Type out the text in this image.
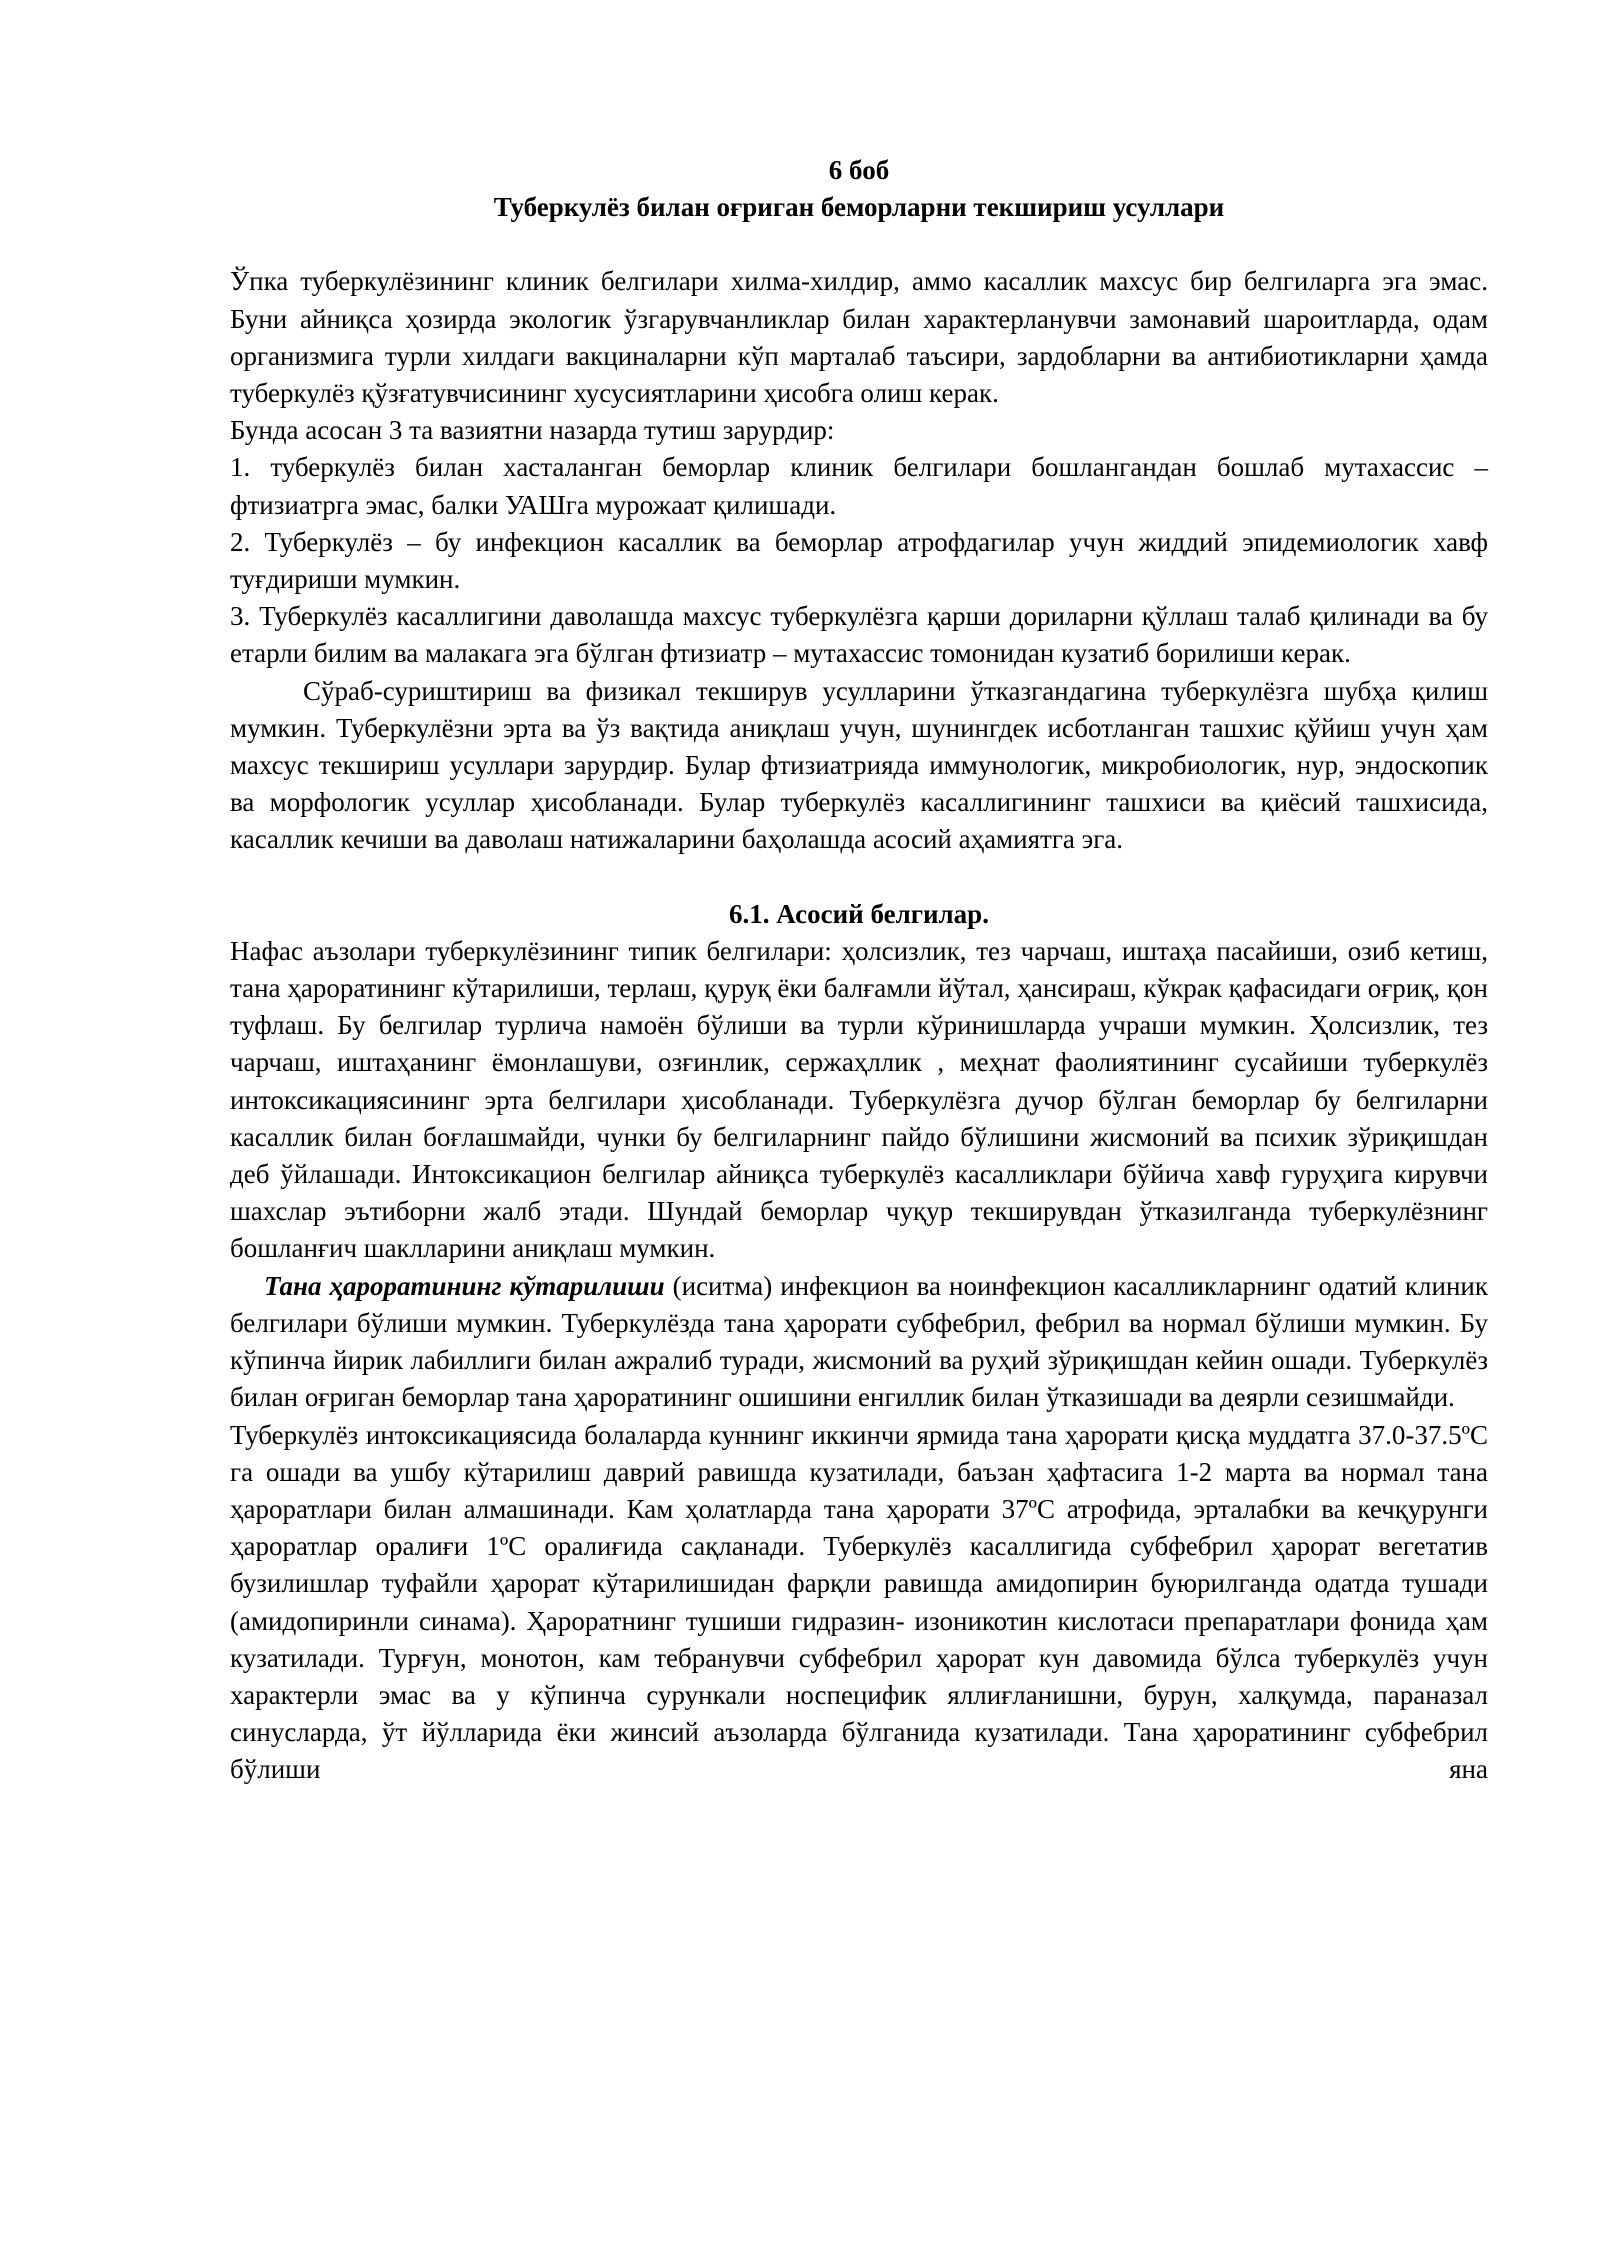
6 боб
Туберкулёз билан оғриган беморларни текшириш усуллари

Ўпка туберкулёзининг клиник белгилари хилма-хилдир, аммо касаллик махсус бир белгиларга эга эмас. Буни айниқса ҳозирда экологик ўзгарувчанликлар билан характерланувчи замонавий шароитларда, одам организмига турли хилдаги вакциналарни кўп марталаб таъсири, зардобларни ва антибиотикларни ҳамда туберкулёз қўзғатувчисининг хусусиятларини ҳисобга олиш керак.

Бунда асосан 3 та вазиятни назарда тутиш зарурдир:

1. туберкулёз билан хасталанган беморлар клиник белгилари бошлангандан бошлаб мутахассис – фтизиатрга эмас, балки УАШга мурожаат қилишади.

2. Туберкулёз – бу инфекцион касаллик ва беморлар атрофдагилар учун жиддий эпидемиологик хавф туғдириши мумкин.

3. Туберкулёз касаллигини даволашда махсус туберкулёзга қарши дориларни қўллаш талаб қилинади ва бу етарли билим ва малакага эга бўлган фтизиатр – мутахассис томонидан кузатиб борилиши керак.

Сўраб-суриштириш ва физикал текширув усулларини ўтказгандагина туберкулёзга шубҳа қилиш мумкин. Туберкулёзни эрта ва ўз вақтида аниқлаш учун, шунингдек исботланган ташхис қўйиш учун ҳам махсус текшириш усуллари зарурдир. Булар фтизиатрияда иммунологик, микробиологик, нур, эндоскопик ва морфологик усуллар ҳисобланади. Булар туберкулёз касаллигининг ташхиси ва қиёсий ташхисида, касаллик кечиши ва даволаш натижаларини баҳолашда асосий аҳамиятга эга.

6.1. Асосий белгилар.

Нафас аъзолари туберкулёзининг типик белгилари: ҳолсизлик, тез чарчаш, иштаҳа пасайиши, озиб кетиш, тана ҳароратининг кўтарилиши, терлаш, қуруқ ёки балғамли йўтал, ҳансираш, кўкрак қафасидаги оғриқ, қон туфлаш. Бу белгилар турлича намоён бўлиши ва турли кўринишларда учраши мумкин. Ҳолсизлик, тез чарчаш, иштаҳанинг ёмонлашуви, озғинлик, сержаҳллик , меҳнат фаолиятининг сусайиши туберкулёз интоксикациясининг эрта белгилари ҳисобланади. Туберкулёзга дучор бўлган беморлар бу белгиларни касаллик билан боғлашмайди, чунки бу белгиларнинг пайдо бўлишини жисмоний ва психик зўриқишдан деб ўйлашади. Интоксикацион белгилар айниқса туберкулёз касалликлари бўйича хавф гуруҳига кирувчи шахслар эътиборни жалб этади. Шундай беморлар чуқур текширувдан ўтказилганда туберкулёзнинг бошланғич шаклларини аниқлаш мумкин.

Тана ҳароратининг кўтарилиши (иситма) инфекцион ва ноинфекцион касалликларнинг одатий клиник белгилари бўлиши мумкин. Туберкулёзда тана ҳарорати субфебрил, фебрил ва нормал бўлиши мумкин. Бу кўпинча йирик лабиллиги билан ажралиб туради, жисмоний ва руҳий зўриқишдан кейин ошади. Туберкулёз билан оғриган беморлар тана ҳароратининг ошишини енгиллик билан ўтказишади ва деярли сезишмайди.

Туберкулёз интоксикациясида болаларда куннинг иккинчи ярмида тана ҳарорати қисқа муддатга 37.0-37.5ºС га ошади ва ушбу кўтарилиш даврий равишда кузатилади, баъзан ҳафтасига 1-2 марта ва нормал тана ҳароратлари билан алмашинади. Кам ҳолатларда тана ҳарорати 37ºС атрофида, эрталабки ва кечқурунги ҳароратлар оралиғи 1ºС оралиғида сақланади. Туберкулёз касаллигида субфебрил ҳарорат вегетатив бузилишлар туфайли ҳарорат кўтарилишидан фарқли равишда амидопирин буюрилганда одатда тушади (амидопиринли синама). Ҳароратнинг тушиши гидразин- изоникотин кислотаси препаратлари фонида ҳам кузатилади. Турғун, монотон, кам тебранувчи субфебрил ҳарорат кун давомида бўлса туберкулёз учун характерли эмас ва у кўпинча сурункали носпецифик яллиғланишни, бурун, халқумда, параназал синусларда, ўт йўлларида ёки жинсий аъзоларда бўлганида кузатилади. Тана ҳароратининг субфебрил бўлиши яна
